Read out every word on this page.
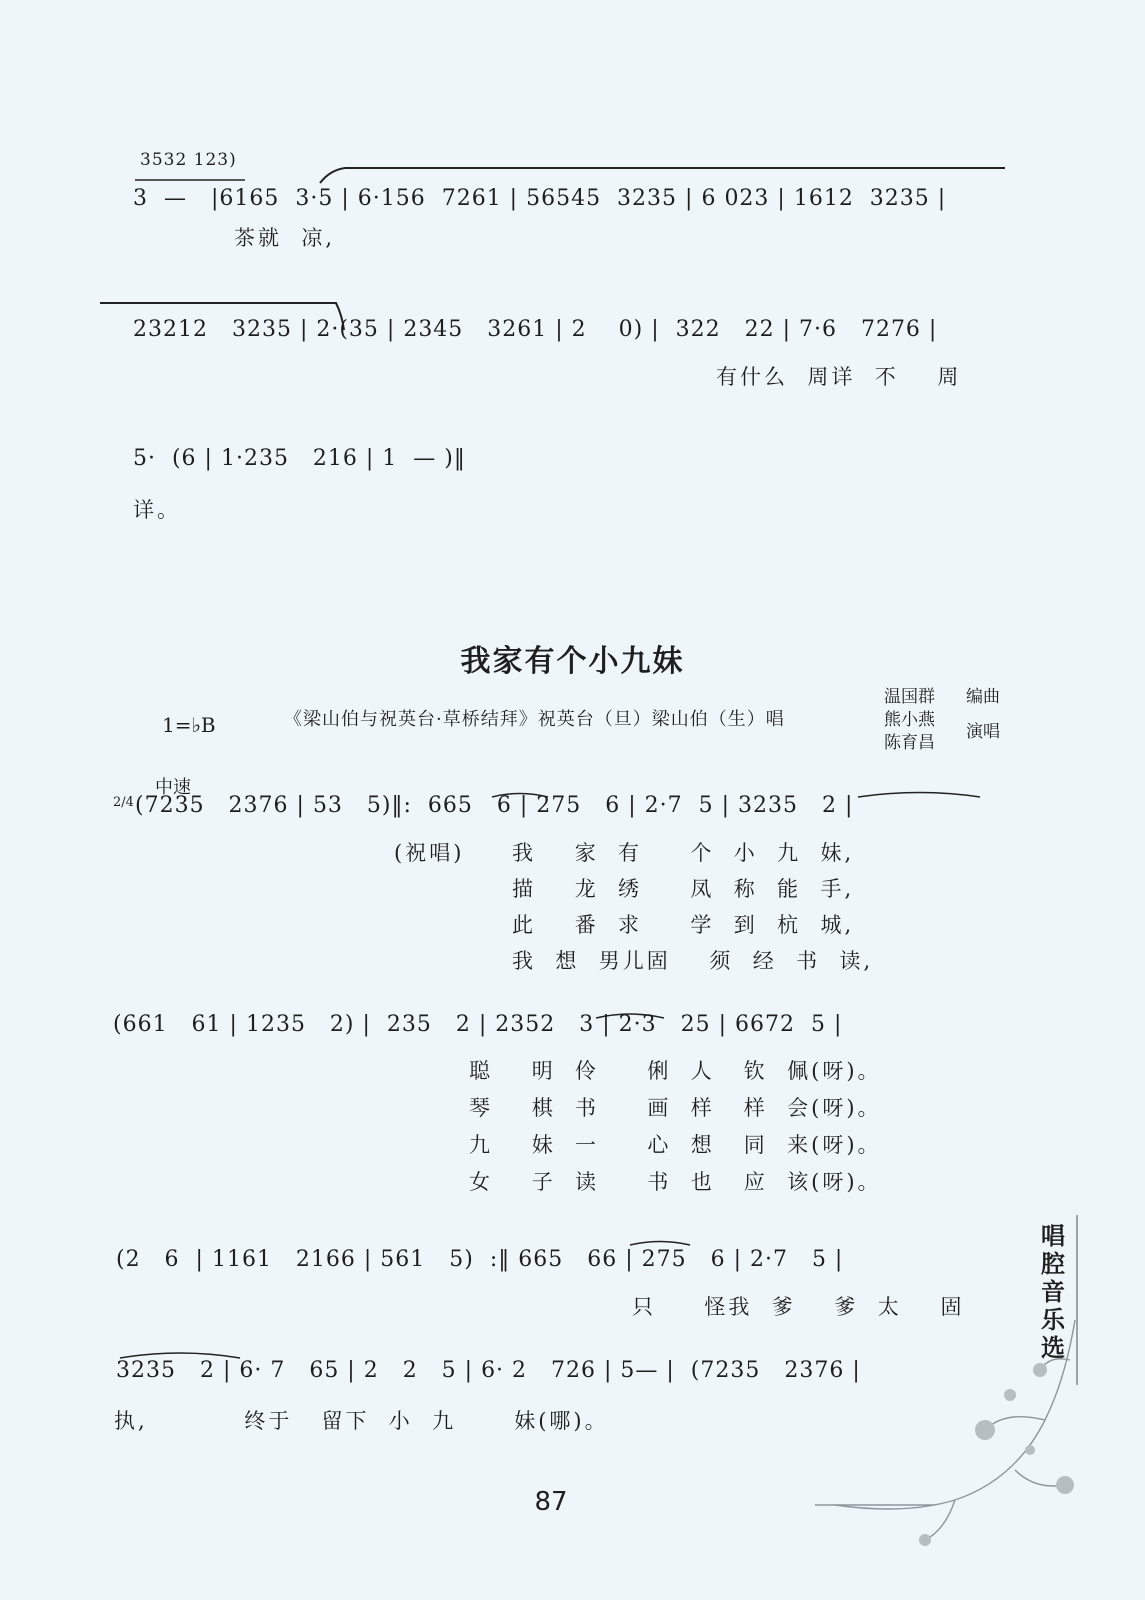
3532 123)
3  —   |6165  3·5 | 6·156  7261 | 56545  3235 | 6 023 | 1612  3235 |
茶就  凉,
23212   3235 | 2·(35 | 2345   3261 | 2    0) |  322   22 | 7·6   7276 |
有什么  周详  不    周
5·  (6 | 1·235   216 | 1  — )‖
详。
我家有个小九妹
1=♭B	《梁山伯与祝英台·草桥结拜》祝英台（旦）梁山伯（生）唱
温国群 编曲
熊小燕
演唱
陈育昌
中速
2/4 (7235   2376 | 53   5)‖:  665   6 | 275   6 | 2·7  5 | 3235   2 |
(祝唱) 我    家  有     个  小  九  妹,
描    龙  绣     凤  称  能  手,
此    番  求     学  到  杭  城,
我  想  男儿固    须  经  书  读,
(661   61 | 1235   2) |  235   2 | 2352   3 | 2·3   25 | 6672  5 |
聪    明  伶     俐  人   钦  佩(呀)。
琴    棋  书     画  样   样  会(呀)。
九    妹  一     心  想   同  来(呀)。
女    子  读     书  也   应  该(呀)。
(2   6  | 1161   2166 | 561   5)  :‖ 665   66 | 275   6 | 2·7   5 |
只     怪我  爹    爹  太    固
3235   2 | 6· 7   65 | 2   2   5 | 6· 2   726 | 5— |  (7235   2376 |
执,          终于   留下  小  九      妹(哪)。
唱腔音乐选
87
